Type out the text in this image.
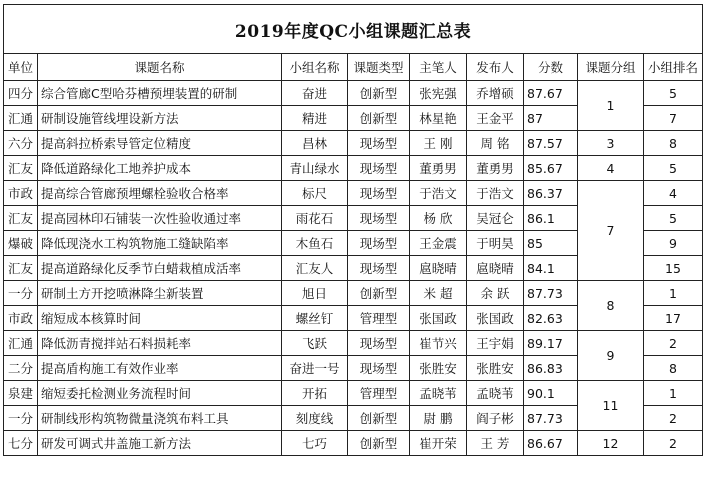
2019年度QC小组课题汇总表								
单位	课题名称	小组名称	课题类型	主笔人	发布人	分数	课题分组	小组排名
四分	综合管廊C型哈芬槽预埋装置的研制	奋进	创新型	张宪强	乔增硕	87.67	1	5
汇通	研制设施管线埋设新方法	精进	创新型	林星艳	王金平	87		7
六分	提高斜拉桥索导管定位精度	昌林	现场型	王 刚	周 铭	87.57	3	8
汇友	降低道路绿化工地养护成本	青山绿水	现场型	董勇男	董勇男	85.67	4	5
市政	提高综合管廊预埋螺栓验收合格率	标尺	现场型	于浩文	于浩文	86.37	7	4
汇友	提高园林印石铺装一次性验收通过率	雨花石	现场型	杨 欣	吴冠仑	86.1		5
爆破	降低现浇水工构筑物施工缝缺陷率	木鱼石	现场型	王金震	于明昊	85		9
汇友	提高道路绿化反季节白蜡栽植成活率	汇友人	现场型	扈晓晴	扈晓晴	84.1		15
一分	研制土方开挖喷淋降尘新装置	旭日	创新型	米 超	余 跃	87.73	8	1
市政	缩短成本核算时间	螺丝钉	管理型	张国政	张国政	82.63		17
汇通	降低沥青搅拌站石料损耗率	飞跃	现场型	崔节兴	王宇娟	89.17	9	2
二分	提高盾构施工有效作业率	奋进一号	现场型	张胜安	张胜安	86.83		8
泉建	缩短委托检测业务流程时间	开拓	管理型	孟晓苇	孟晓苇	90.1	11	1
一分	研制线形构筑物微量浇筑布料工具	刻度线	创新型	尉 鹏	阎子彬	87.73		2
七分	研发可调式井盖施工新方法	七巧	创新型	崔开荣	王 芳	86.67	12	2
